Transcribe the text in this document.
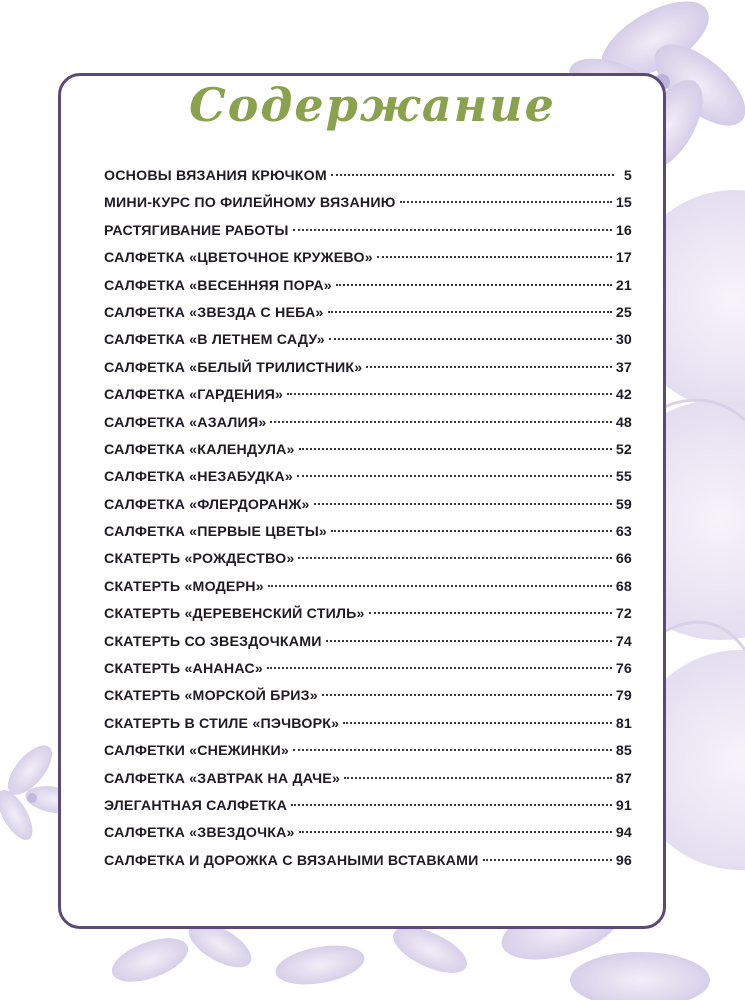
Содержание
ОСНОВЫ ВЯЗАНИЯ КРЮЧКОМ	5
МИНИ-КУРС ПО ФИЛЕЙНОМУ ВЯЗАНИЮ	15
РАСТЯГИВАНИЕ РАБОТЫ	16
САЛФЕТКА «ЦВЕТОЧНОЕ КРУЖЕВО»	17
САЛФЕТКА «ВЕСЕННЯЯ ПОРА»	21
САЛФЕТКА «ЗВЕЗДА С НЕБА»	25
САЛФЕТКА «В ЛЕТНЕМ САДУ»	30
САЛФЕТКА «БЕЛЫЙ ТРИЛИСТНИК»	37
САЛФЕТКА «ГАРДЕНИЯ»	42
САЛФЕТКА «АЗАЛИЯ»	48
САЛФЕТКА «КАЛЕНДУЛА»	52
САЛФЕТКА «НЕЗАБУДКА»	55
САЛФЕТКА «ФЛЕРДОРАНЖ»	59
САЛФЕТКА «ПЕРВЫЕ ЦВЕТЫ»	63
СКАТЕРТЬ «РОЖДЕСТВО»	66
СКАТЕРТЬ «МОДЕРН»	68
СКАТЕРТЬ «ДЕРЕВЕНСКИЙ СТИЛЬ»	72
СКАТЕРТЬ СО ЗВЕЗДОЧКАМИ	74
СКАТЕРТЬ «АНАНАС»	76
СКАТЕРТЬ «МОРСКОЙ БРИЗ»	79
СКАТЕРТЬ В СТИЛЕ «ПЭЧВОРК»	81
САЛФЕТКИ «СНЕЖИНКИ»	85
САЛФЕТКА «ЗАВТРАК НА ДАЧЕ»	87
ЭЛЕГАНТНАЯ САЛФЕТКА	91
САЛФЕТКА «ЗВЕЗДОЧКА»	94
САЛФЕТКА И ДОРОЖКА С ВЯЗАНЫМИ ВСТАВКАМИ	96
